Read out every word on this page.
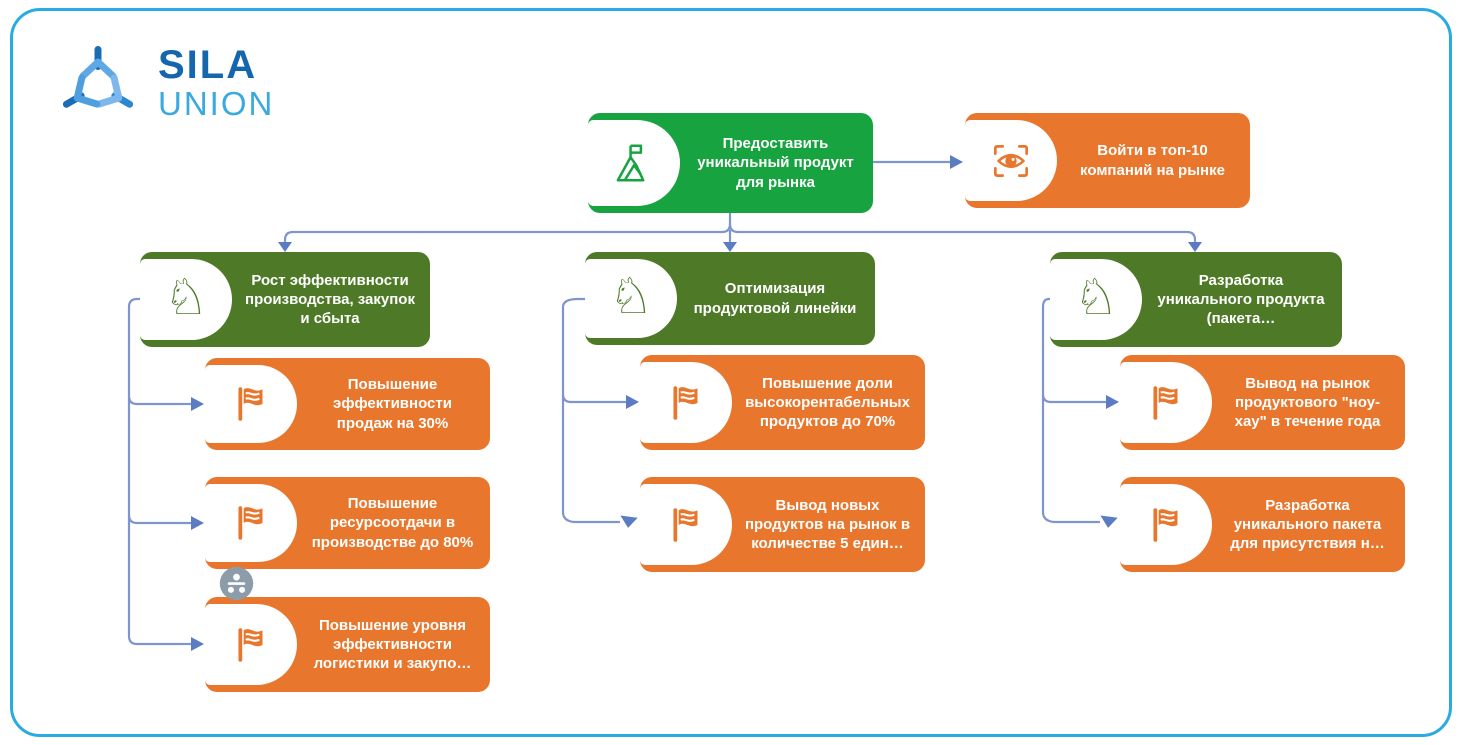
SILA
UNION
Предоставить уникальный продукт для рынка
Войти в топ-10 компаний на рынке
♘	Рост эффективности производства, закупок и сбыта	♘	Оптимизация продуктовой линейки	♘	Разработка уникального продукта (пакета…
Повышение эффективности продаж на 30%
Повышение ресурсоотдачи в производстве до 80%
Повышение уровня эффективности логистики и закупо…
Повышение доли высокорентабельных продуктов до 70%
Вывод новых продуктов на рынок в количестве 5 един…
Вывод на рынок продуктового "ноу-хау" в течение года
Разработка уникального пакета для присутствия н…
